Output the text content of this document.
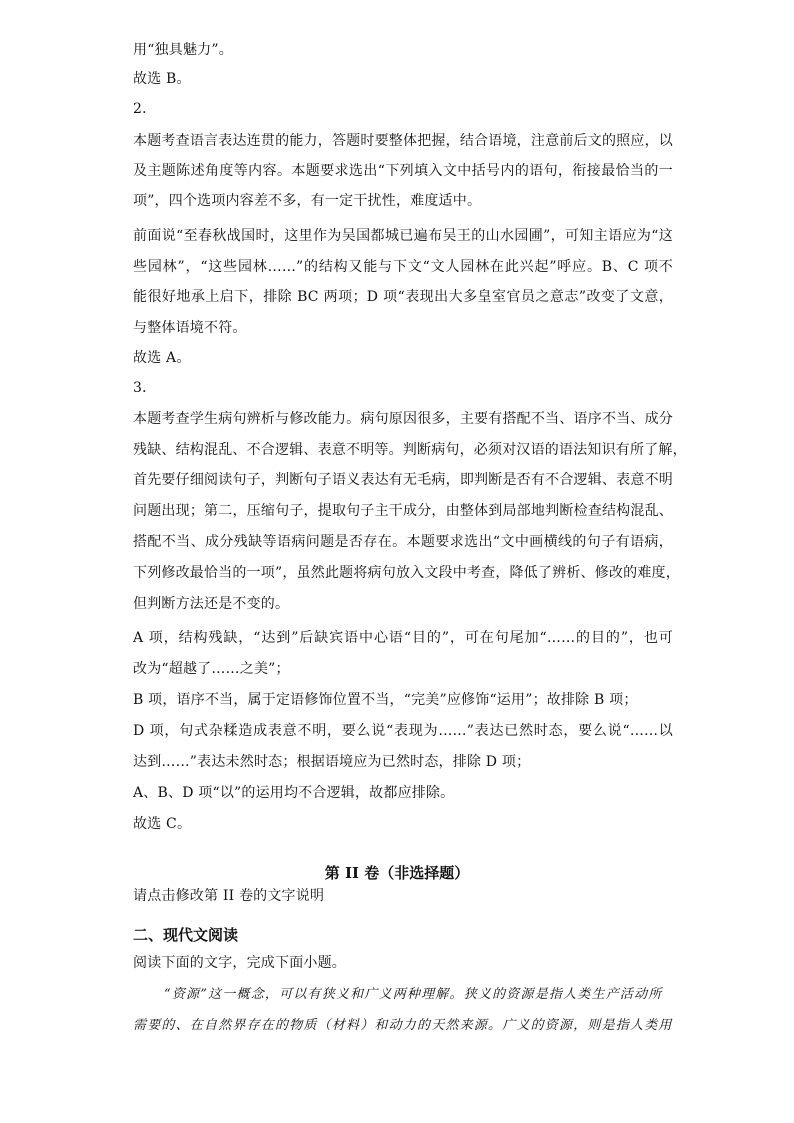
用“独具魅力”。
故选 B。
2．
本题考查语言表达连贯的能力，答题时要整体把握，结合语境，注意前后文的照应，以
及主题陈述角度等内容。本题要求选出“下列填入文中括号内的语句，衔接最恰当的一
项”，四个选项内容差不多，有一定干扰性，难度适中。
前面说“至春秋战国时，这里作为吴国都城已遍布吴王的山水园圃”，可知主语应为“这
些园林”，“这些园林……”的结构又能与下文“文人园林在此兴起”呼应。B、C 项不
能很好地承上启下，排除 BC 两项；D 项“表现出大多皇室官员之意志”改变了文意，
与整体语境不符。
故选 A。
3．
本题考查学生病句辨析与修改能力。病句原因很多，主要有搭配不当、语序不当、成分
残缺、结构混乱、不合逻辑、表意不明等。判断病句，必须对汉语的语法知识有所了解，
首先要仔细阅读句子，判断句子语义表达有无毛病，即判断是否有不合逻辑、表意不明
问题出现；第二，压缩句子，提取句子主干成分，由整体到局部地判断检查结构混乱、
搭配不当、成分残缺等语病问题是否存在。本题要求选出“文中画横线的句子有语病，
下列修改最恰当的一项”，虽然此题将病句放入文段中考查，降低了辨析、修改的难度，
但判断方法还是不变的。
A 项，结构残缺，“达到”后缺宾语中心语“目的”，可在句尾加“……的目的”，也可
改为“超越了……之美”；
B 项，语序不当，属于定语修饰位置不当，“完美”应修饰“运用”；故排除 B 项；
D 项，句式杂糅造成表意不明，要么说“表现为……”表达已然时态，要么说“……以
达到……”表达未然时态；根据语境应为已然时态，排除 D 项；
A、B、D 项“以”的运用均不合逻辑，故都应排除。
故选 C。
第 II 卷（非选择题）
请点击修改第 II 卷的文字说明
二、现代文阅读
阅读下面的文字，完成下面小题。
“资源”这一概念，可以有狭义和广义两种理解。狭义的资源是指人类生产活动所
需要的、在自然界存在的物质（材料）和动力的天然来源。广义的资源，则是指人类用
